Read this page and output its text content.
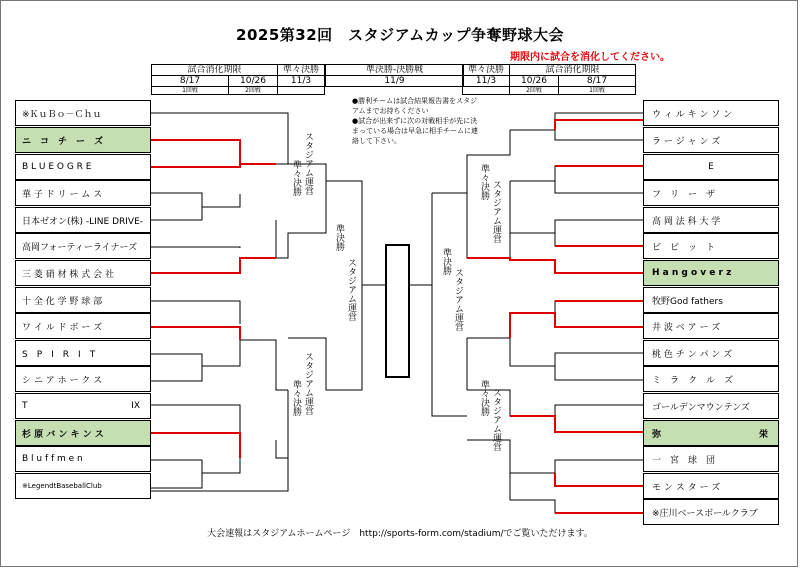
2025第32回　スタジアムカップ争奪野球大会
期限内に試合を消化してください。
試合消化期限		準々決勝
8/17	10/26	11/3
1回戦	2回戦	
準決勝-決勝戦
11/9
準々決勝	試合消化期限	
11/3	10/26	8/17
	2回戦	1回戦
●勝利チームは試合結果報告書をスタジアムまでお持ちください
●試合が出来ずに次の対戦相手が先に決まっている場合は早急に相手チームに連絡して下さい。
スタジアム運営
準々決勝
スタジアム運営
準々決勝
スタジアム運営
準決勝
スタジアム運営
準決勝
スタジアム運営
準々決勝
スタジアム運営
準々決勝
※ＫｕＢｏ－Ｃｈｕ
ニ　コ　チ　ー　ズ
B L U E O G R E
華 子 ド リ ー ム ス
日本ゼオン(株) -LINE DRIVE-
高岡フォーティーライナーズ
三 菱 硝 材 株 式 会 社
十 全 化 学 野 球 部
ワ イ ル ド ボ ー ズ
S　P　I　R　I　T
シ ニ ア ホ ー ク ス
T	IX
杉 原 バ ン キ ン ス
B l u f f m e n
※LegendtBaseballClub
ウ ィ ル キ ン ソ ン
ラ ー ジ ャ ン ズ
E
フ　リ　ー　ザ
高 岡 法 科 大 学
ビ　ビ　ッ　ト
H a n g o v e r z
牧野God fathers
井 波 ベ ア ー ズ
桃 色 チ ン パ ン ズ
ミ　ラ　ク　ル　ズ
ゴールデンマウンテンズ
弥	栄
一　宮　球　団
モ ン ス タ ー ズ
※庄川ベースボールクラブ
大会速報はスタジアムホームページ　http://sports-form.com/stadium/でご覧いただけます。
